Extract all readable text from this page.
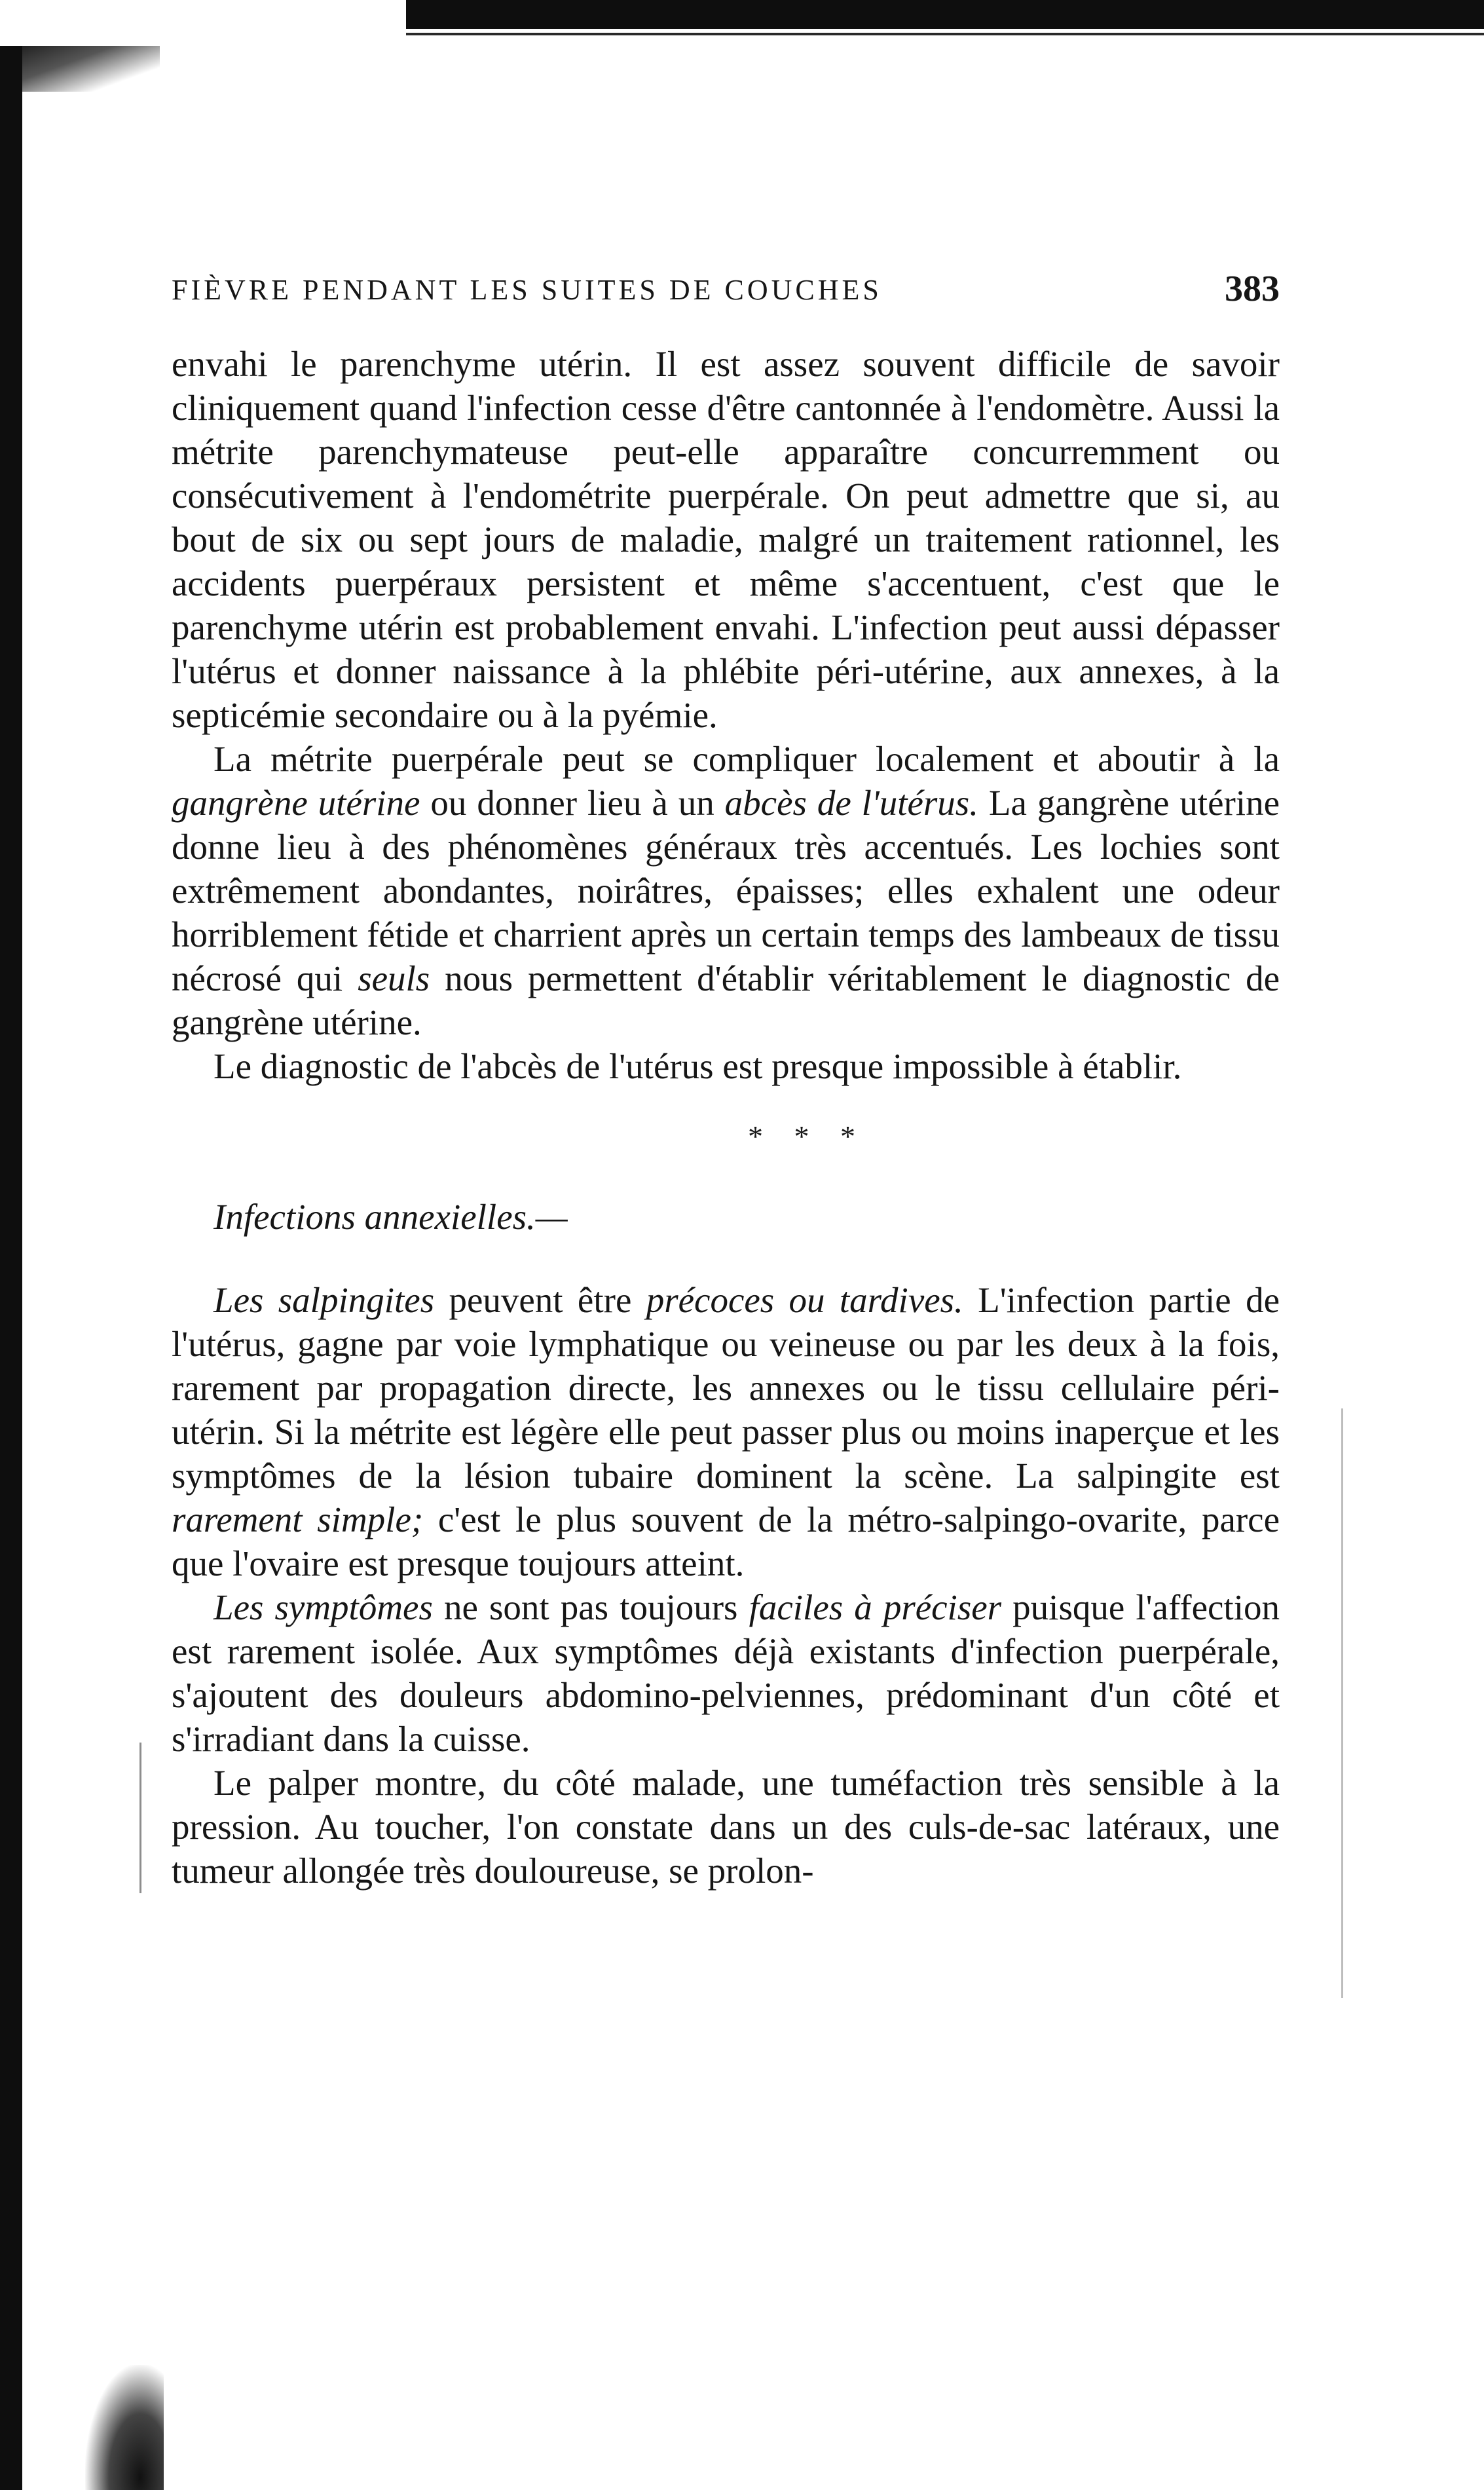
FIÈVRE PENDANT LES SUITES DE COUCHES	383

envahi le parenchyme utérin. Il est assez souvent difficile de savoir cliniquement quand l'infection cesse d'être cantonnée à l'endomètre. Aussi la métrite parenchymateuse peut-elle apparaître concurremment ou consécutivement à l'endométrite puerpérale. On peut admettre que si, au bout de six ou sept jours de maladie, malgré un traitement rationnel, les accidents puerpéraux persistent et même s'accentuent, c'est que le parenchyme utérin est probablement envahi. L'infection peut aussi dépasser l'utérus et donner naissance à la phlébite péri-utérine, aux annexes, à la septicémie secondaire ou à la pyémie.

La métrite puerpérale peut se compliquer localement et aboutir à la gangrène utérine ou donner lieu à un abcès de l'utérus. La gangrène utérine donne lieu à des phénomènes généraux très accentués. Les lochies sont extrêmement abondantes, noirâtres, épaisses; elles exhalent une odeur horriblement fétide et charrient après un certain temps des lambeaux de tissu nécrosé qui seuls nous permettent d'établir véritablement le diagnostic de gangrène utérine.

Le diagnostic de l'abcès de l'utérus est presque impossible à établir.

* * *
Infections annexielles.—

Les salpingites peuvent être précoces ou tardives. L'infection partie de l'utérus, gagne par voie lymphatique ou veineuse ou par les deux à la fois, rarement par propagation directe, les annexes ou le tissu cellulaire péri-utérin. Si la métrite est légère elle peut passer plus ou moins inaperçue et les symptômes de la lésion tubaire dominent la scène. La salpingite est rarement simple; c'est le plus souvent de la métro-salpingo-ovarite, parce que l'ovaire est presque toujours atteint.

Les symptômes ne sont pas toujours faciles à préciser puisque l'affection est rarement isolée. Aux symptômes déjà existants d'infection puerpérale, s'ajoutent des douleurs abdomino-pelviennes, prédominant d'un côté et s'irradiant dans la cuisse.

Le palper montre, du côté malade, une tuméfaction très sensible à la pression. Au toucher, l'on constate dans un des culs-de-sac latéraux, une tumeur allongée très douloureuse, se prolon-
